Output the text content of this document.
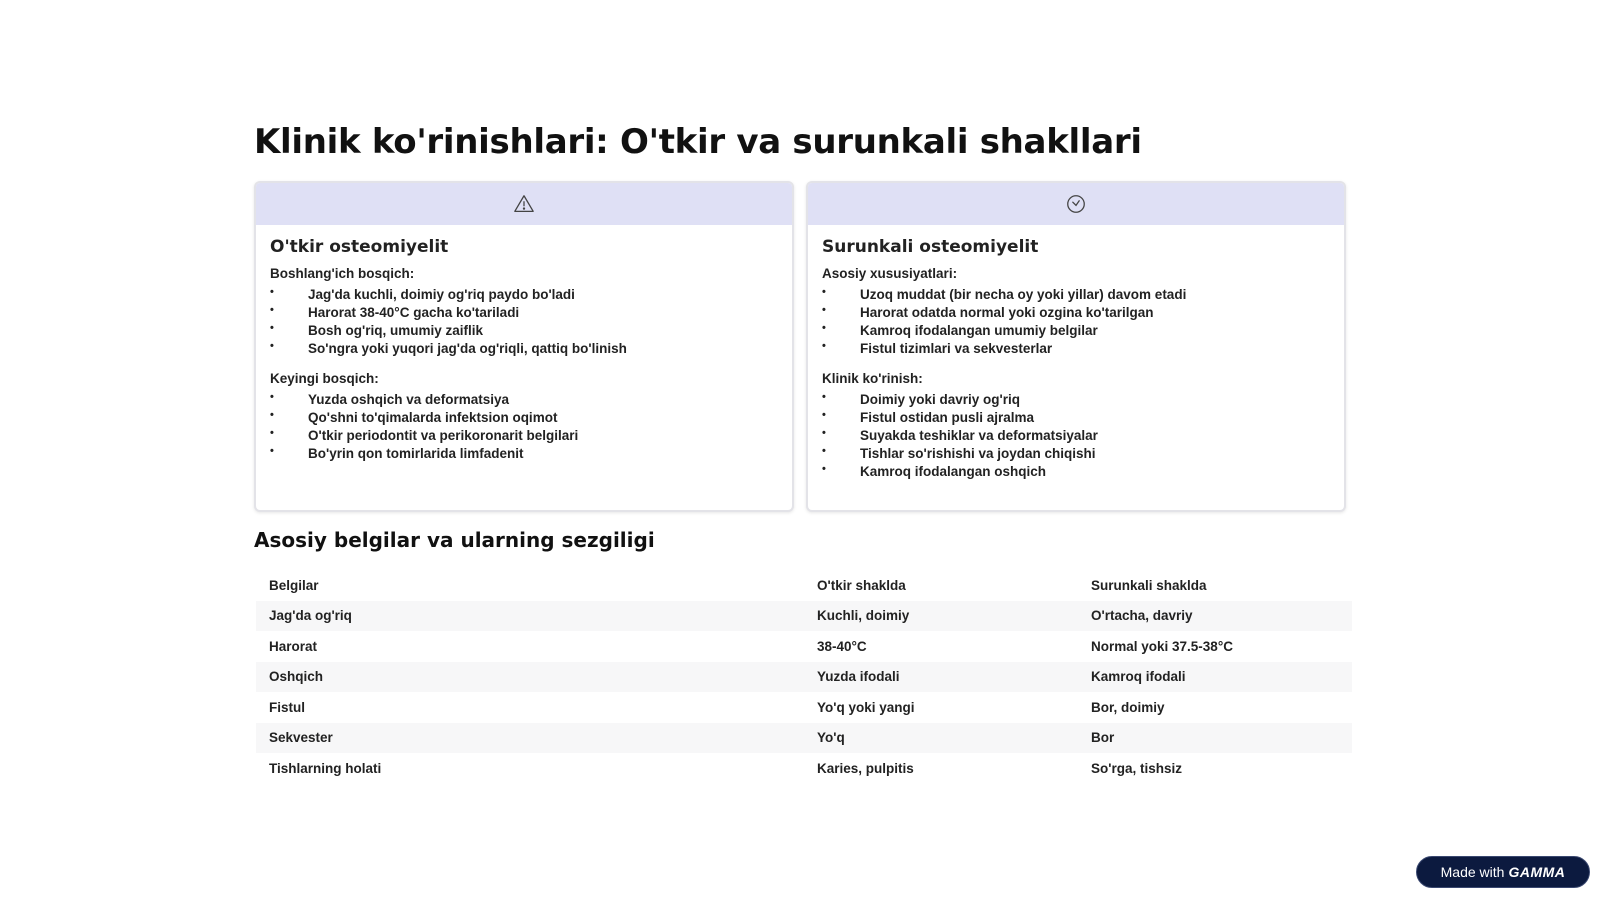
Klinik ko'rinishlari: O'tkir va surunkali shakllari
O'tkir osteomiyelit
Boshlang'ich bosqich:
• Jag'da kuchli, doimiy og'riq paydo bo'ladi
• Harorat 38-40°C gacha ko'tariladi
• Bosh og'riq, umumiy zaiflik
• So'ngra yoki yuqori jag'da og'riqli, qattiq bo'linish
Keyingi bosqich:
• Yuzda oshqich va deformatsiya
• Qo'shni to'qimalarda infektsion oqimot
• O'tkir periodontit va perikoronarit belgilari
• Bo'yrin qon tomirlarida limfadenit
Surunkali osteomiyelit
Asosiy xususiyatlari:
• Uzoq muddat (bir necha oy yoki yillar) davom etadi
• Harorat odatda normal yoki ozgina ko'tarilgan
• Kamroq ifodalangan umumiy belgilar
• Fistul tizimlari va sekvesterlar
Klinik ko'rinish:
• Doimiy yoki davriy og'riq
• Fistul ostidan pusli ajralma
• Suyakda teshiklar va deformatsiyalar
• Tishlar so'rishishi va joydan chiqishi
• Kamroq ifodalangan oshqich
Asosiy belgilar va ularning sezgiligi
Belgilar	O'tkir shaklda	Surunkali shaklda
Jag'da og'riq	Kuchli, doimiy	O'rtacha, davriy
Harorat	38-40°C	Normal yoki 37.5-38°C
Oshqich	Yuzda ifodali	Kamroq ifodali
Fistul	Yo'q yoki yangi	Bor, doimiy
Sekvester	Yo'q	Bor
Tishlarning holati	Karies, pulpitis	So'rga, tishsiz
Made with GAMMA
